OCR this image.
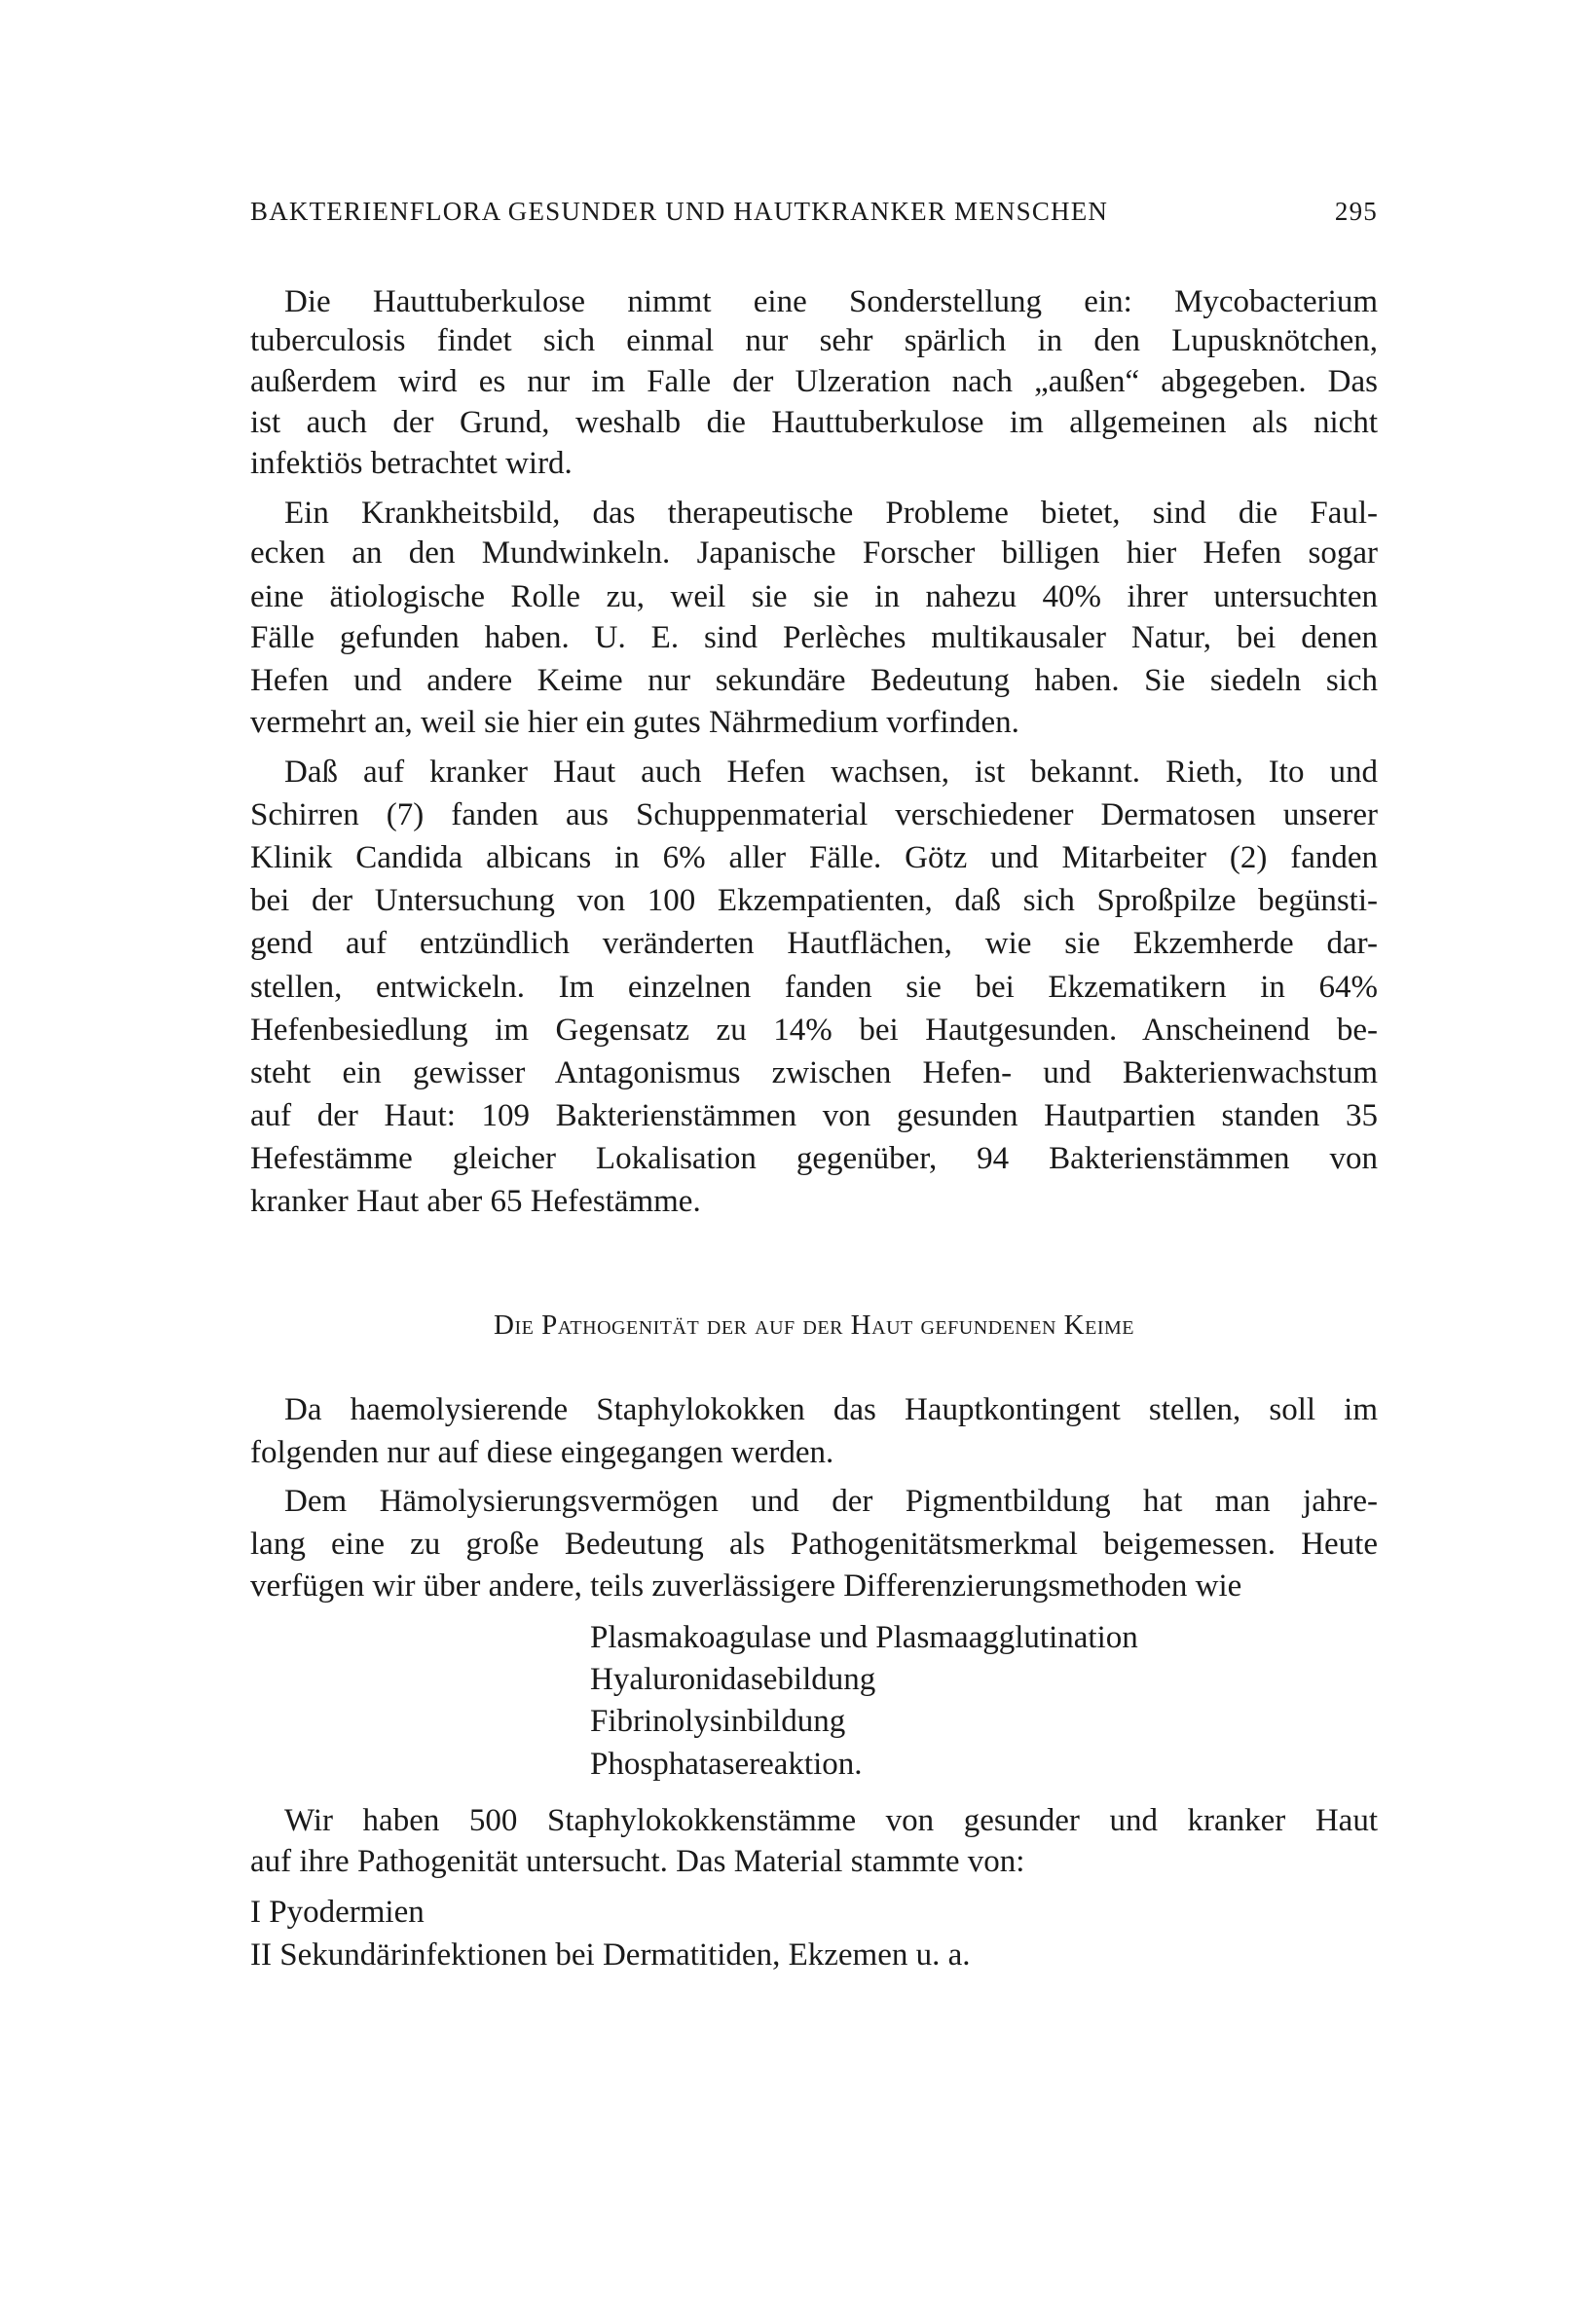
BAKTERIENFLORA GESUNDER UND HAUTKRANKER MENSCHEN	295
Die Pathogenität der auf der Haut gefundenen Keime
Die Hauttuberkulose nimmt eine Sonderstellung ein: Mycobacterium
tuberculosis findet sich einmal nur sehr spärlich in den Lupusknötchen,
außerdem wird es nur im Falle der Ulzeration nach „außen“ abgegeben. Das
ist auch der Grund, weshalb die Hauttuberkulose im allgemeinen als nicht
infektiös betrachtet wird.
Ein Krankheitsbild, das therapeutische Probleme bietet, sind die Faul-
ecken an den Mundwinkeln. Japanische Forscher billigen hier Hefen sogar
eine ätiologische Rolle zu, weil sie sie in nahezu 40% ihrer untersuchten
Fälle gefunden haben. U. E. sind Perlèches multikausaler Natur, bei denen
Hefen und andere Keime nur sekundäre Bedeutung haben. Sie siedeln sich
vermehrt an, weil sie hier ein gutes Nährmedium vorfinden.
Daß auf kranker Haut auch Hefen wachsen, ist bekannt. Rieth, Ito und
Schirren (7) fanden aus Schuppenmaterial verschiedener Dermatosen unserer
Klinik Candida albicans in 6% aller Fälle. Götz und Mitarbeiter (2) fanden
bei der Untersuchung von 100 Ekzempatienten, daß sich Sproßpilze begünsti-
gend auf entzündlich veränderten Hautflächen, wie sie Ekzemherde dar-
stellen, entwickeln. Im einzelnen fanden sie bei Ekzematikern in 64%
Hefenbesiedlung im Gegensatz zu 14% bei Hautgesunden. Anscheinend be-
steht ein gewisser Antagonismus zwischen Hefen- und Bakterienwachstum
auf der Haut: 109 Bakterienstämmen von gesunden Hautpartien standen 35
Hefestämme gleicher Lokalisation gegenüber, 94 Bakterienstämmen von
kranker Haut aber 65 Hefestämme.
Da haemolysierende Staphylokokken das Hauptkontingent stellen, soll im
folgenden nur auf diese eingegangen werden.
Dem Hämolysierungsvermögen und der Pigmentbildung hat man jahre-
lang eine zu große Bedeutung als Pathogenitätsmerkmal beigemessen. Heute
verfügen wir über andere, teils zuverlässigere Differenzierungsmethoden wie
Plasmakoagulase und Plasmaagglutination
Hyaluronidasebildung
Fibrinolysinbildung
Phosphatasereaktion.
Wir haben 500 Staphylokokkenstämme von gesunder und kranker Haut
auf ihre Pathogenität untersucht. Das Material stammte von:
I Pyodermien
II Sekundärinfektionen bei Dermatitiden, Ekzemen u. a.
